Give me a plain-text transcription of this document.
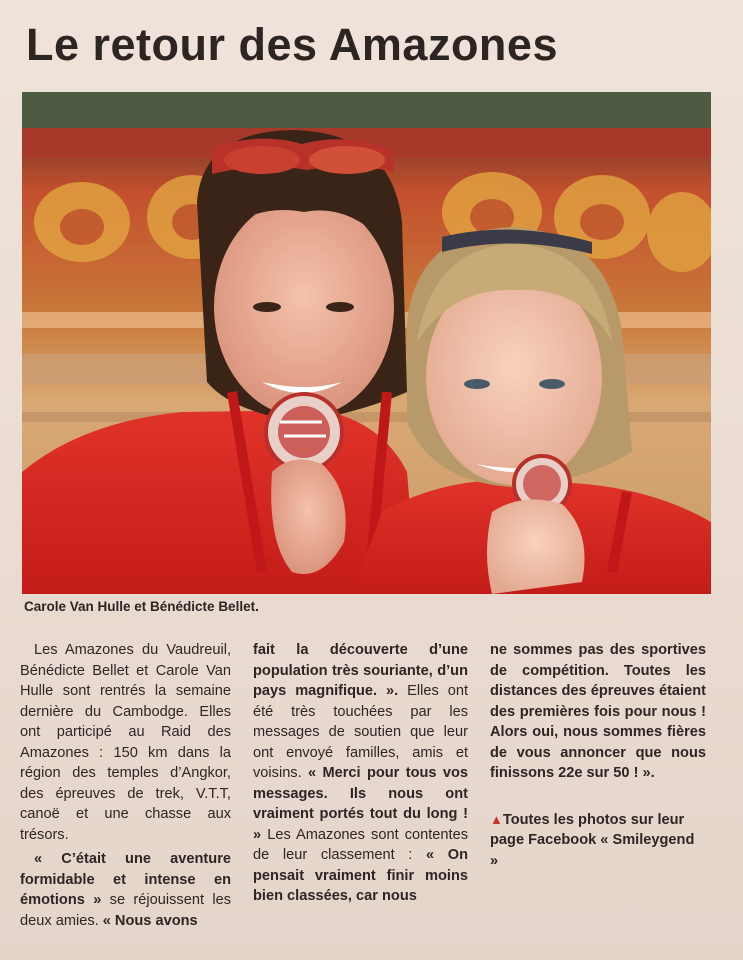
Le retour des Amazones
Carole Van Hulle et Bénédicte Bellet.

Les Amazones du Vaudreuil, Bénédicte Bellet et Carole Van Hulle sont rentrés la semaine dernière du Cambodge. Elles ont participé au Raid des Amazones : 150 km dans la région des temples d’Angkor, des épreuves de trek, V.T.T, canoë et une chasse aux trésors.

« C’était une aventure formidable et intense en émotions » se réjouissent les deux amies. « Nous avons

fait la découverte d’une population très souriante, d’un pays magnifique. ». Elles ont été très touchées par les messages de soutien que leur ont envoyé familles, amis et voisins. « Merci pour tous vos messages. Ils nous ont vraiment portés tout du long ! » Les Amazones sont contentes de leur classement : « On pensait vraiment finir moins bien classées, car nous

ne sommes pas des sportives de compétition. Toutes les distances des épreuves étaient des premières fois pour nous ! Alors oui, nous sommes fières de vous annoncer que nous finissons 22e sur 50 ! ».

▲Toutes les photos sur leur page Facebook « Smileygend »
